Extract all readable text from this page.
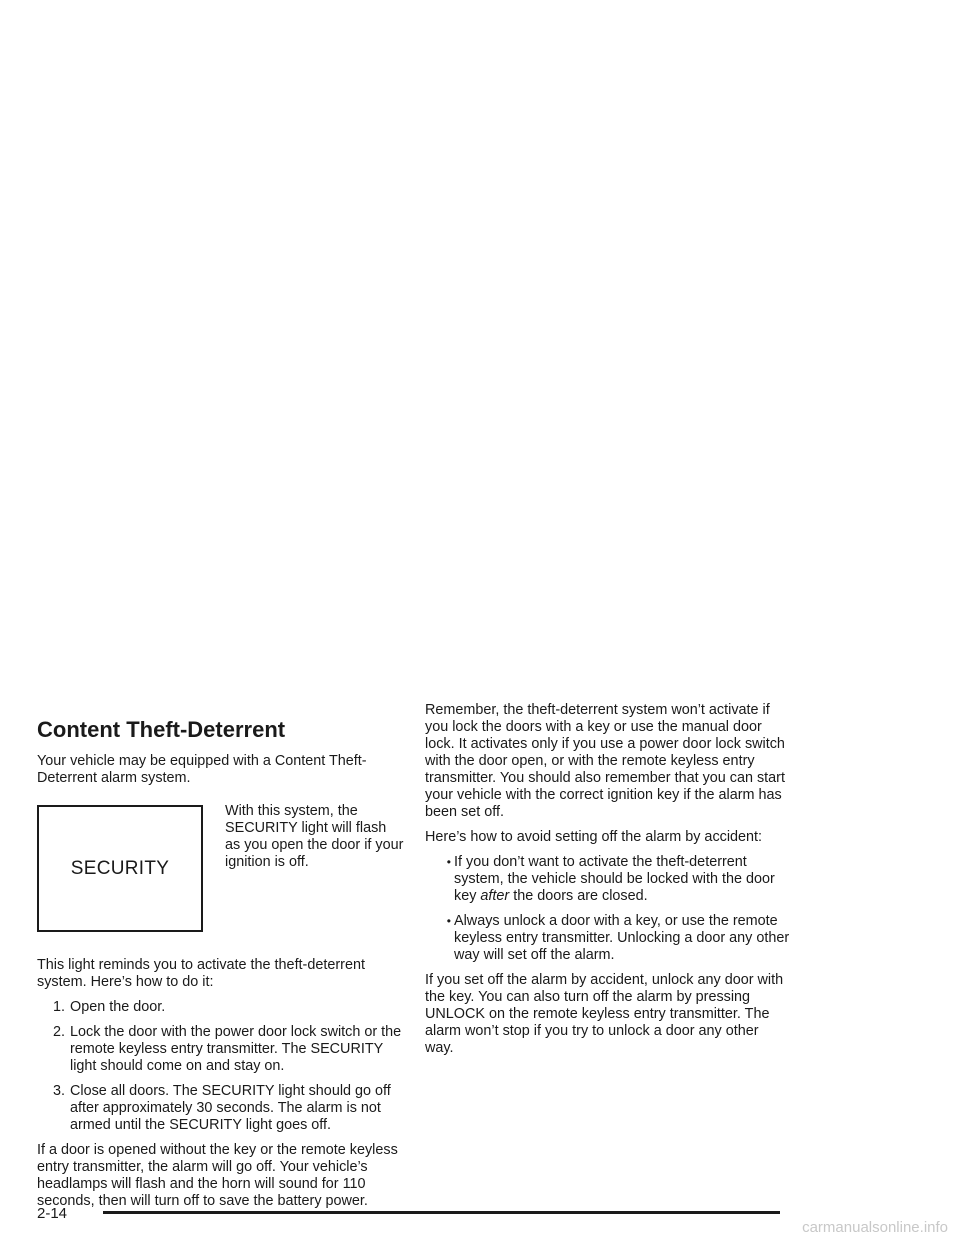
Content Theft-Deterrent

Your vehicle may be equipped with a Content Theft-Deterrent alarm system.

SECURITY
With this system, the SECURITY light will flash as you open the door if your ignition is off.

This light reminds you to activate the theft-deterrent system. Here’s how to do it:

1. Open the door.
2. Lock the door with the power door lock switch or the remote keyless entry transmitter. The SECURITY light should come on and stay on.
3. Close all doors. The SECURITY light should go off after approximately 30 seconds. The alarm is not armed until the SECURITY light goes off.

If a door is opened without the key or the remote keyless entry transmitter, the alarm will go off. Your vehicle’s headlamps will flash and the horn will sound for 110 seconds, then will turn off to save the battery power.

Remember, the theft-deterrent system won’t activate if you lock the doors with a key or use the manual door lock. It activates only if you use a power door lock switch with the door open, or with the remote keyless entry transmitter. You should also remember that you can start your vehicle with the correct ignition key if the alarm has been set off.

Here’s how to avoid setting off the alarm by accident:

• If you don’t want to activate the theft-deterrent system, the vehicle should be locked with the door key after the doors are closed.
• Always unlock a door with a key, or use the remote keyless entry transmitter. Unlocking a door any other way will set off the alarm.

If you set off the alarm by accident, unlock any door with the key. You can also turn off the alarm by pressing UNLOCK on the remote keyless entry transmitter. The alarm won’t stop if you try to unlock a door any other way.

2-14
carmanualsonline.info
